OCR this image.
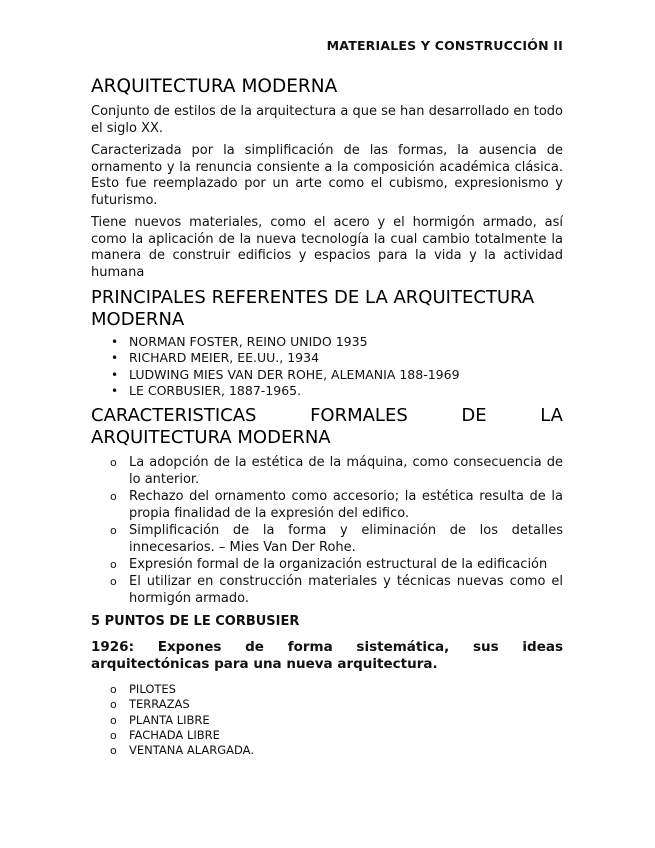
MATERIALES Y CONSTRUCCIÓN II
ARQUITECTURA MODERNA

Conjunto de estilos de la arquitectura a que se han desarrollado en todo el siglo XX.

Caracterizada por la simplificación de las formas, la ausencia de ornamento y la renuncia consiente a la composición académica clásica. Esto fue reemplazado por un arte como el cubismo, expresionismo y futurismo.

Tiene nuevos materiales, como el acero y el hormigón armado, así como la aplicación de la nueva tecnología la cual cambio totalmente la manera de construir edificios y espacios para la vida y la actividad humana

PRINCIPALES REFERENTES DE LA ARQUITECTURA MODERNA
• NORMAN FOSTER, REINO UNIDO 1935
• RICHARD MEIER, EE.UU., 1934
• LUDWING MIES VAN DER ROHE, ALEMANIA 188-1969
• LE CORBUSIER, 1887-1965.
CARACTERISTICAS	FORMALES	DE	LA
ARQUITECTURA MODERNA
o La adopción de la estética de la máquina, como consecuencia de lo anterior.
o Rechazo del ornamento como accesorio; la estética resulta de la propia finalidad de la expresión del edifico.
o Simplificación de la forma y eliminación de los detalles innecesarios. – Mies Van Der Rohe.
o Expresión formal de la organización estructural de la edificación
o El utilizar en construcción materiales y técnicas nuevas como el hormigón armado.
5 PUNTOS DE LE CORBUSIER
1926: Expones de forma sistemática, sus ideas arquitectónicas para una nueva arquitectura.
o PILOTES
o TERRAZAS
o PLANTA LIBRE
o FACHADA LIBRE
o VENTANA ALARGADA.
